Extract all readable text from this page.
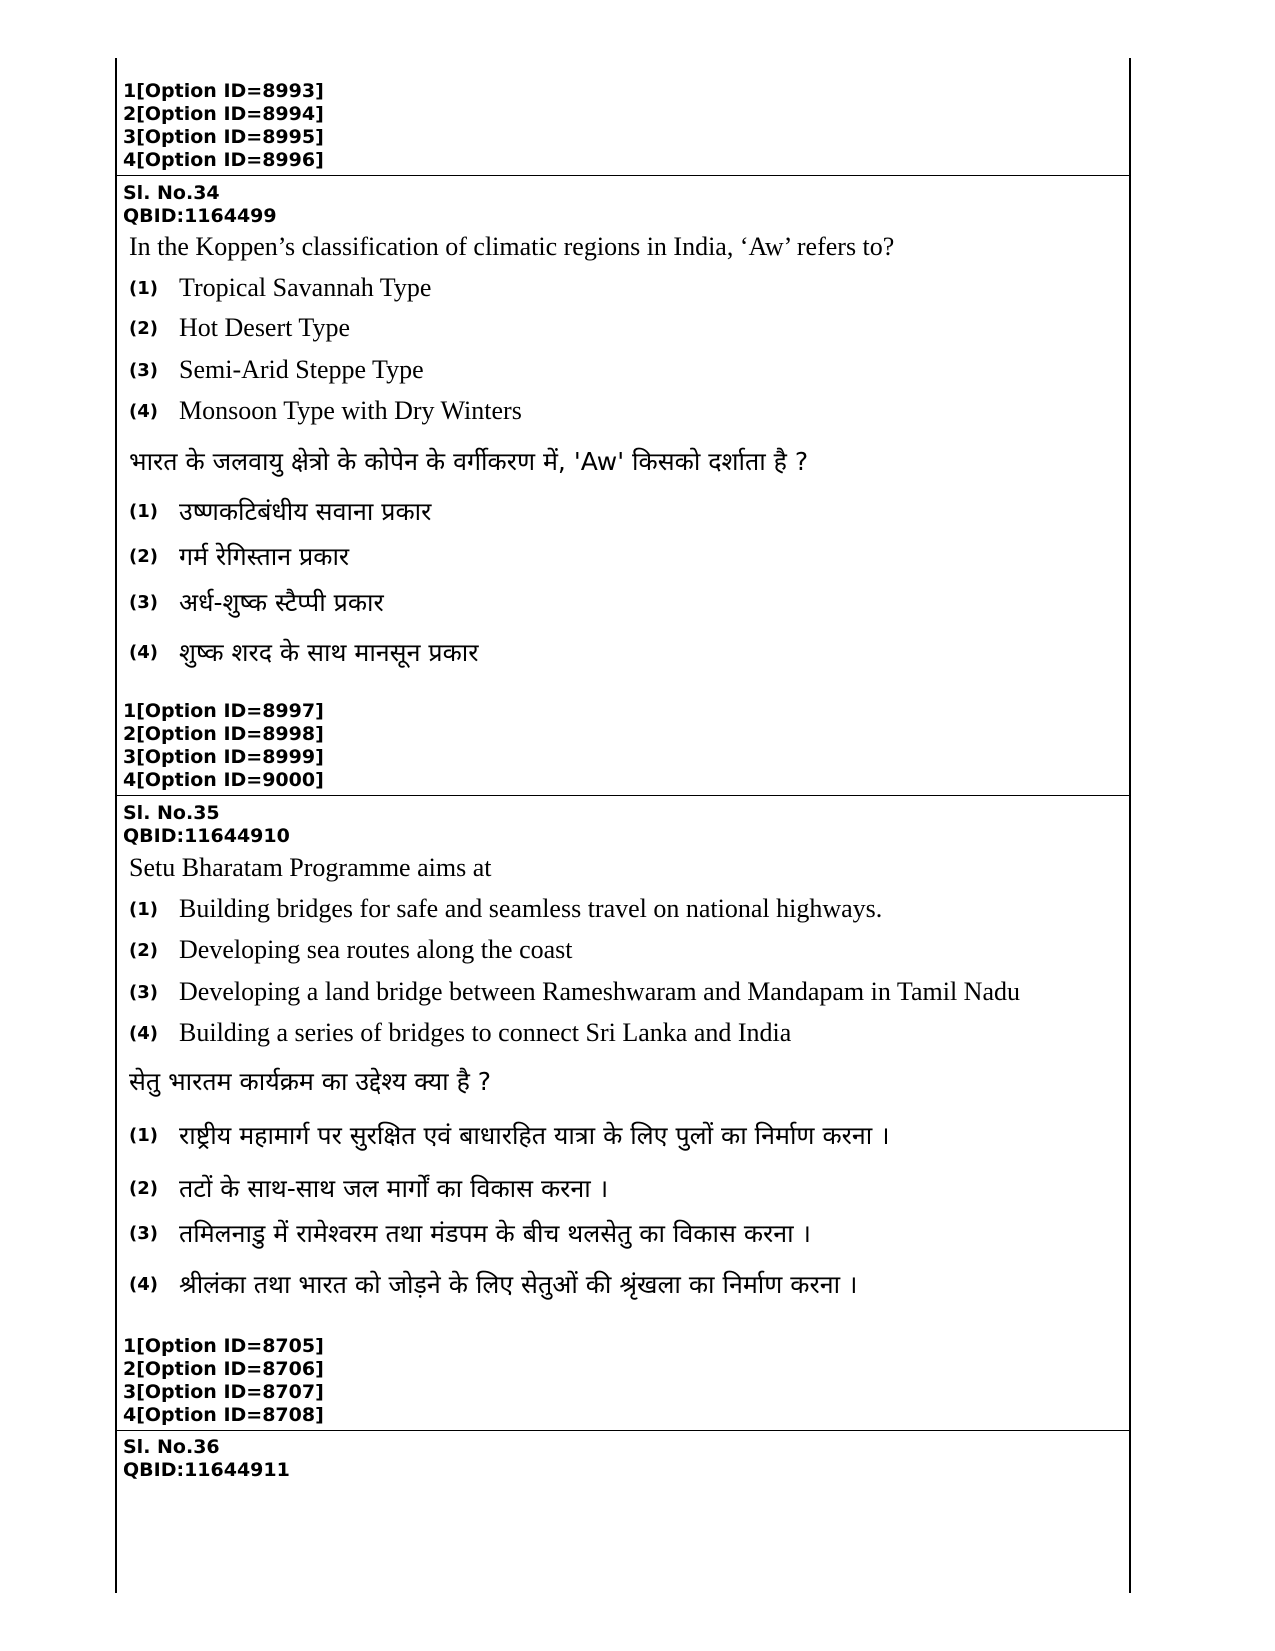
1[Option ID=8993]
2[Option ID=8994]
3[Option ID=8995]
4[Option ID=8996]
Sl. No.34
QBID:1164499
In the Koppen’s classification of climatic regions in India, ‘Aw’ refers to?
(1) Tropical Savannah Type
(2) Hot Desert Type
(3) Semi-Arid Steppe Type
(4) Monsoon Type with Dry Winters
भारत के जलवायु क्षेत्रो के कोपेन के वर्गीकरण में, 'Aw' किसको दर्शाता है ?
(1) उष्णकटिबंधीय सवाना प्रकार
(2) गर्म रेगिस्तान प्रकार
(3) अर्ध-शुष्क स्टैप्पी प्रकार
(4) शुष्क शरद के साथ मानसून प्रकार
1[Option ID=8997]
2[Option ID=8998]
3[Option ID=8999]
4[Option ID=9000]
Sl. No.35
QBID:11644910
Setu Bharatam Programme aims at
(1) Building bridges for safe and seamless travel on national highways.
(2) Developing sea routes along the coast
(3) Developing a land bridge between Rameshwaram and Mandapam in Tamil Nadu
(4) Building a series of bridges to connect Sri Lanka and India
सेतु भारतम कार्यक्रम का उद्देश्य क्या है ?
(1) राष्ट्रीय महामार्ग पर सुरक्षित एवं बाधारहित यात्रा के लिए पुलों का निर्माण करना ।
(2) तटों के साथ-साथ जल मार्गों का विकास करना ।
(3) तमिलनाडु में रामेश्वरम तथा मंडपम के बीच थलसेतु का विकास करना ।
(4) श्रीलंका तथा भारत को जोड़ने के लिए सेतुओं की श्रृंखला का निर्माण करना ।
1[Option ID=8705]
2[Option ID=8706]
3[Option ID=8707]
4[Option ID=8708]
Sl. No.36
QBID:11644911
